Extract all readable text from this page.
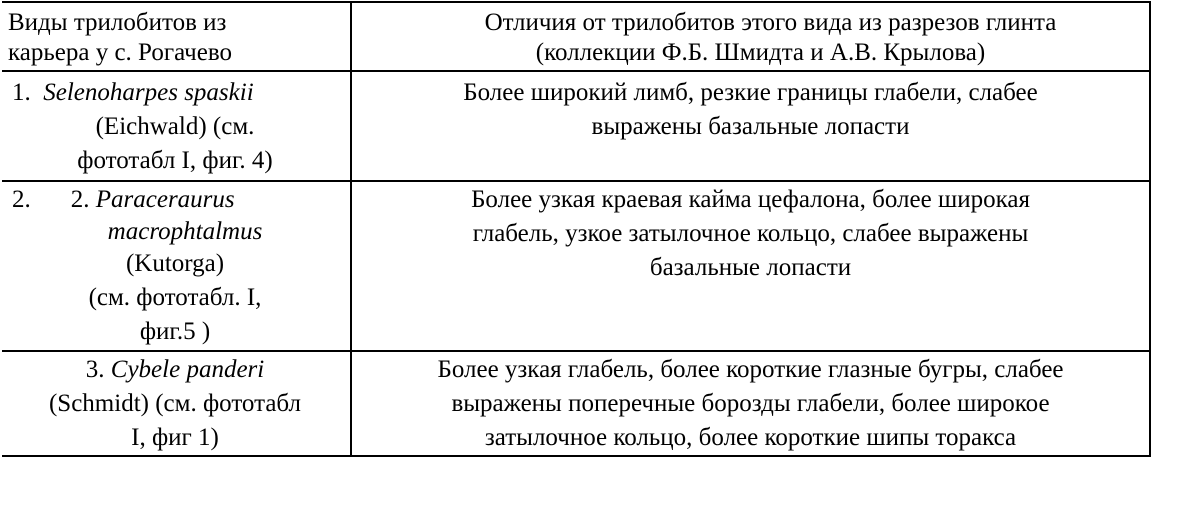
Виды трилобитов из
карьера у с. Рогачево
Отличия от трилобитов этого вида из разрезов глинта
(коллекции Ф.Б. Шмидта и А.В. Крылова)
1. Selenoharpes spaskii
(Eichwald) (см.
фототабл I, фиг. 4)
Более широкий лимб, резкие границы глабели, слабее
выражены базальные лопасти
2. 2. Paraceraurus
macrophtalmus
(Kutorga)
(см. фототабл. I,
фиг.5 )
Более узкая краевая кайма цефалона, более широкая
глабель, узкое затылочное кольцо, слабее выражены
базальные лопасти
3. Cybele panderi
(Schmidt) (см. фототабл
I, фиг 1)
Более узкая глабель, более короткие глазные бугры, слабее
выражены поперечные борозды глабели, более широкое
затылочное кольцо, более короткие шипы торакса
